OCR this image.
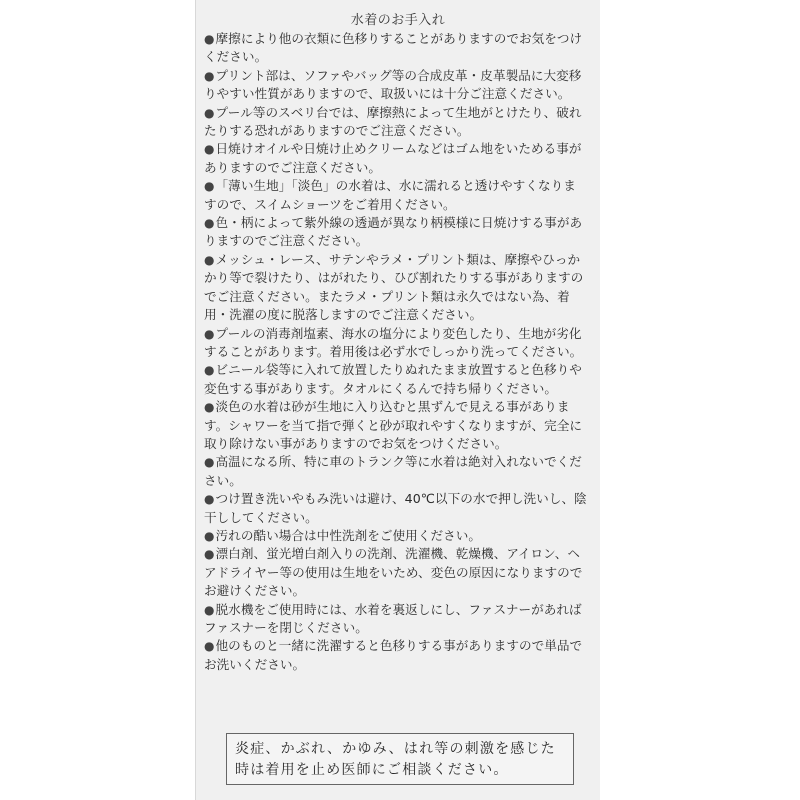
水着のお手入れ

●摩擦により他の衣類に色移りすることがありますのでお気をつけください。

●プリント部は、ソファやバッグ等の合成皮革・皮革製品に大変移りやすい性質がありますので、取扱いには十分ご注意ください。

●プール等のスベリ台では、摩擦熱によって生地がとけたり、破れたりする恐れがありますのでご注意ください。

●日焼けオイルや日焼け止めクリームなどはゴム地をいためる事がありますのでご注意ください。

●「薄い生地」「淡色」の水着は、水に濡れると透けやすくなりますので、スイムショーツをご着用ください。

●色・柄によって紫外線の透過が異なり柄模様に日焼けする事がありますのでご注意ください。

●メッシュ・レース、サテンやラメ・プリント類は、摩擦やひっかかり等で裂けたり、はがれたり、ひび割れたりする事がありますのでご注意ください。またラメ・プリント類は永久ではない為、着用・洗濯の度に脱落しますのでご注意ください。

●プールの消毒剤塩素、海水の塩分により変色したり、生地が劣化することがあります。着用後は必ず水でしっかり洗ってください。

●ビニール袋等に入れて放置したりぬれたまま放置すると色移りや変色する事があります。タオルにくるんで持ち帰りください。

●淡色の水着は砂が生地に入り込むと黒ずんで見える事があります。シャワーを当て指で弾くと砂が取れやすくなりますが、完全に取り除けない事がありますのでお気をつけください。

●高温になる所、特に車のトランク等に水着は絶対入れないでください。

●つけ置き洗いやもみ洗いは避け、40℃以下の水で押し洗いし、陰干ししてください。

●汚れの酷い場合は中性洗剤をご使用ください。

●漂白剤、蛍光増白剤入りの洗剤、洗濯機、乾燥機、アイロン、ヘアドライヤー等の使用は生地をいため、変色の原因になりますのでお避けください。

●脱水機をご使用時には、水着を裏返しにし、ファスナーがあればファスナーを閉じください。

●他のものと一緒に洗濯すると色移りする事がありますので単品でお洗いください。

炎症、かぶれ、かゆみ、はれ等の刺激を感じた時は着用を止め医師にご相談ください。
